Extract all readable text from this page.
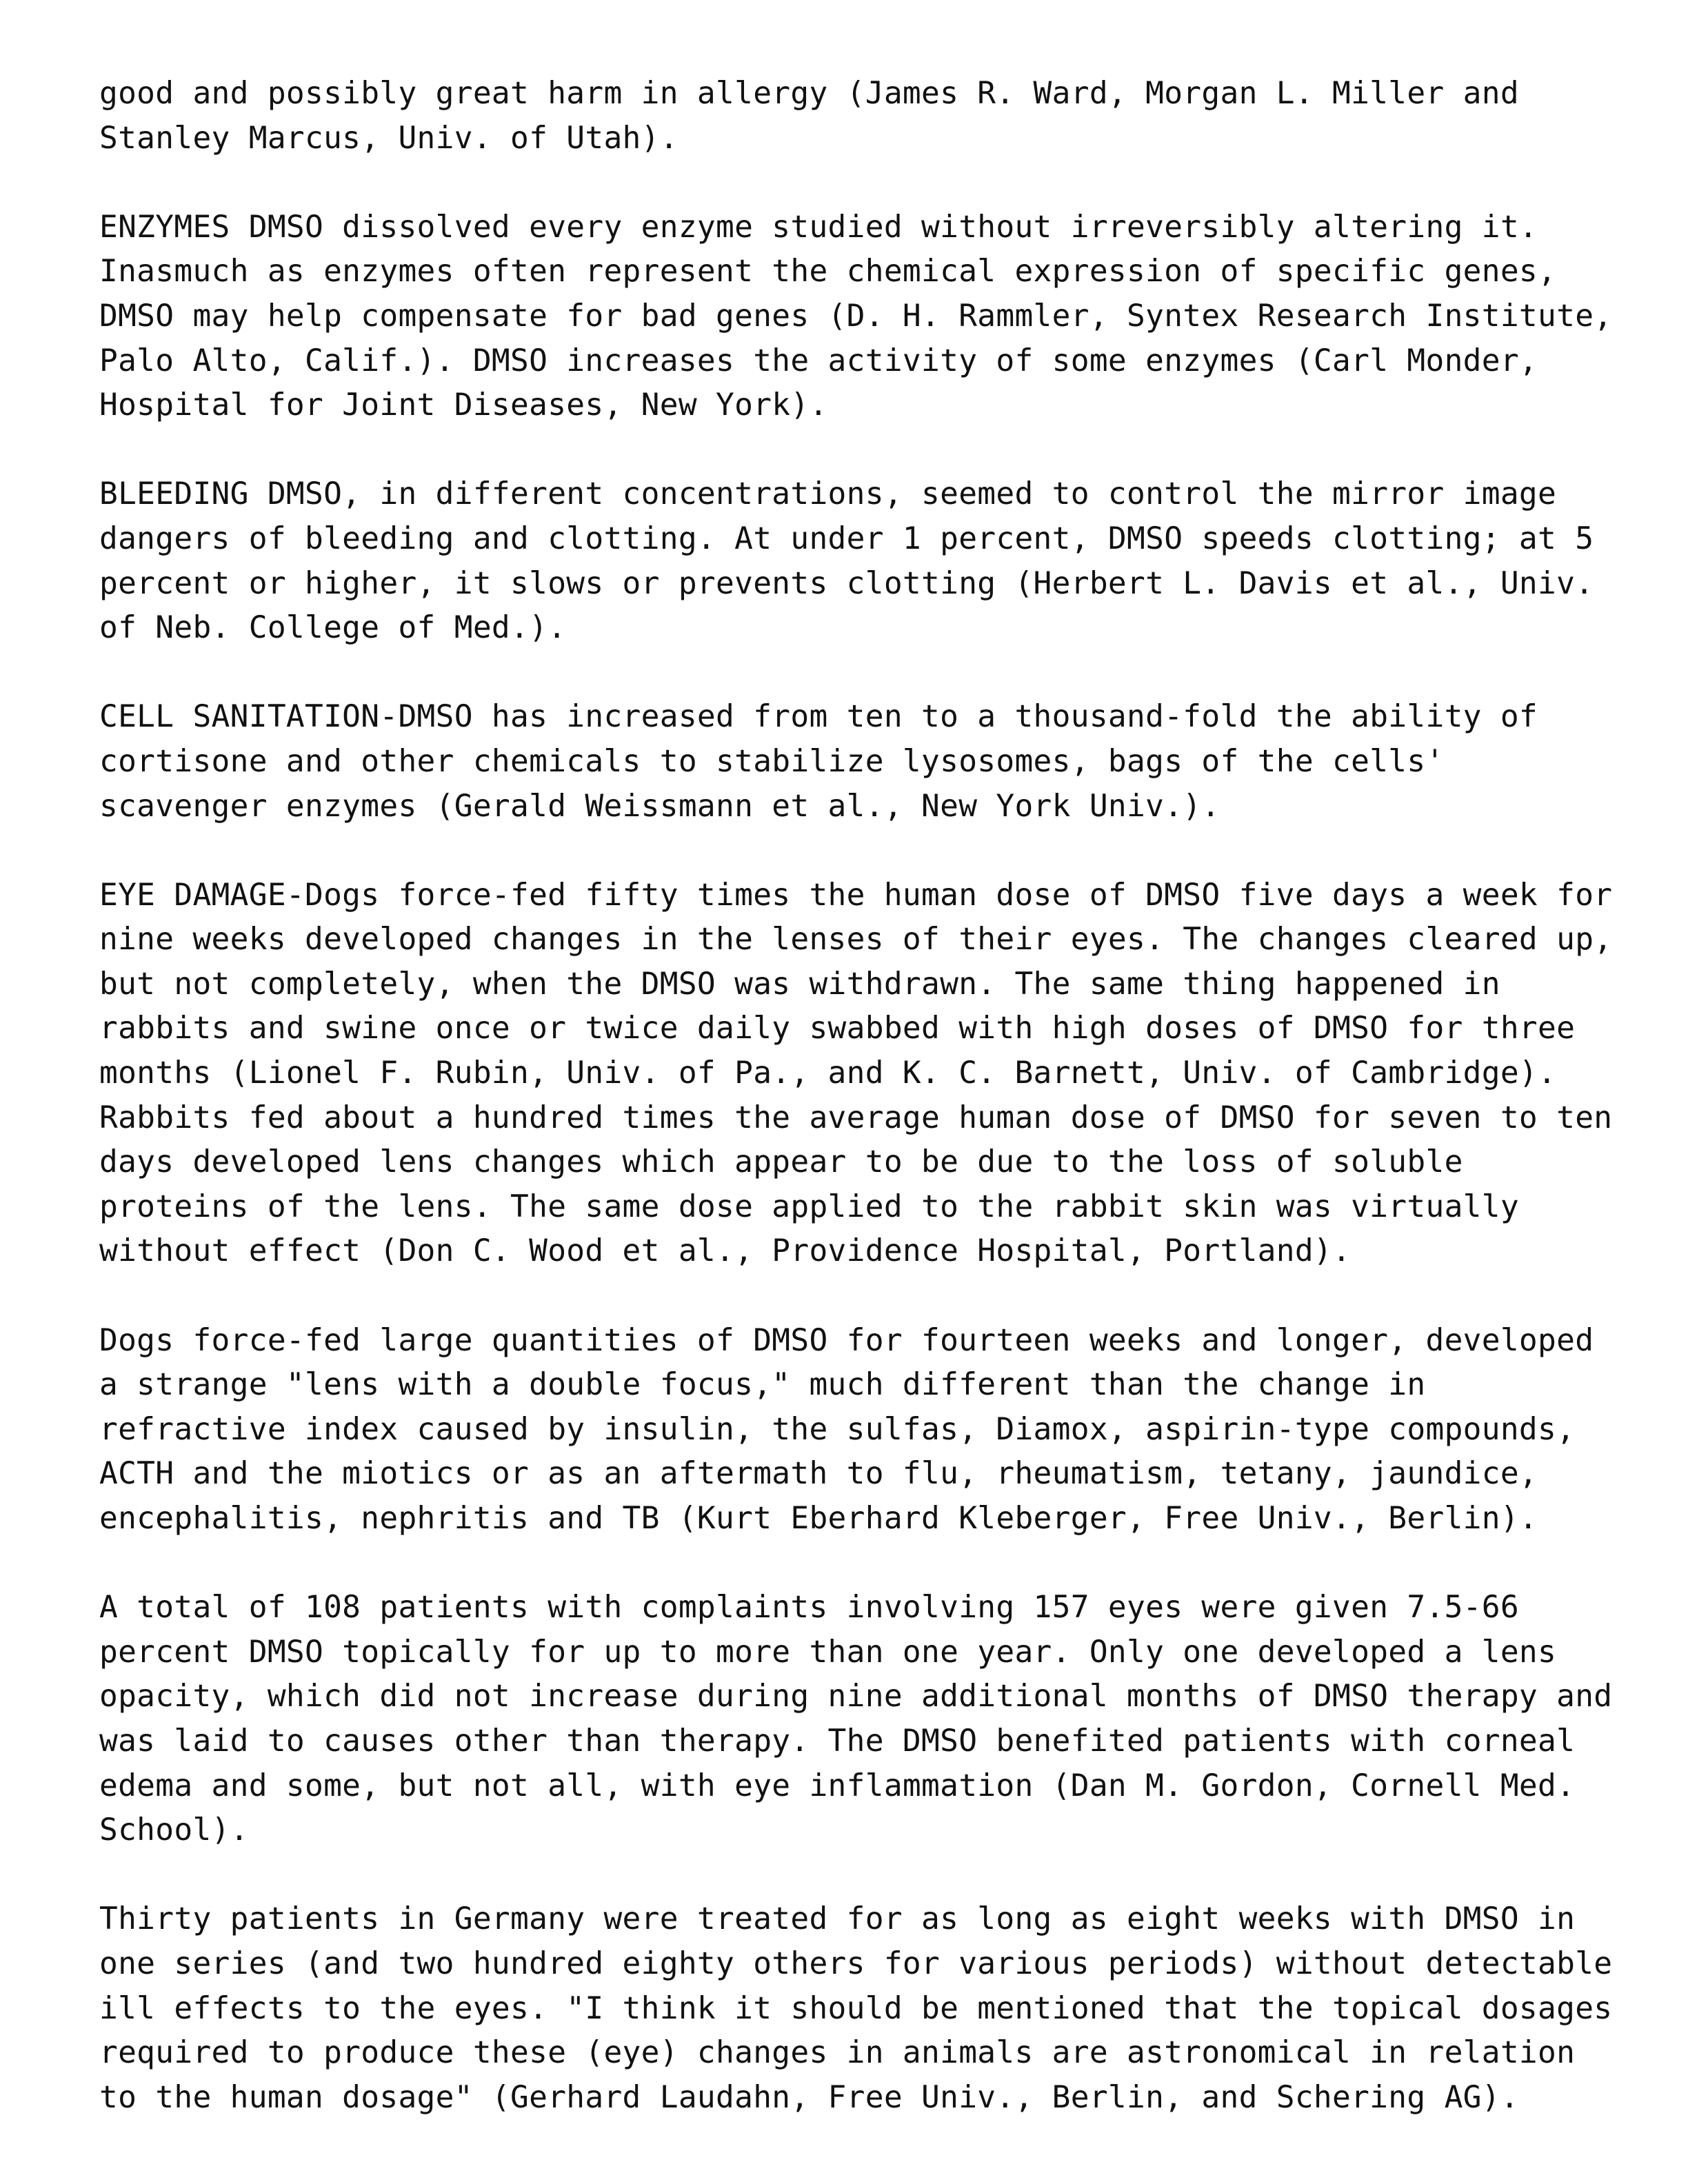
good and possibly great harm in allergy (James R. Ward, Morgan L. Miller and
Stanley Marcus, Univ. of Utah).
ENZYMES DMSO dissolved every enzyme studied without irreversibly altering it.
Inasmuch as enzymes often represent the chemical expression of specific genes,
DMSO may help compensate for bad genes (D. H. Rammler, Syntex Research Institute,
Palo Alto, Calif.). DMSO increases the activity of some enzymes (Carl Monder,
Hospital for Joint Diseases, New York).
BLEEDING DMSO, in different concentrations, seemed to control the mirror image
dangers of bleeding and clotting. At under 1 percent, DMSO speeds clotting; at 5
percent or higher, it slows or prevents clotting (Herbert L. Davis et al., Univ.
of Neb. College of Med.).
CELL SANITATION-DMSO has increased from ten to a thousand-fold the ability of
cortisone and other chemicals to stabilize lysosomes, bags of the cells'
scavenger enzymes (Gerald Weissmann et al., New York Univ.).
EYE DAMAGE-Dogs force-fed fifty times the human dose of DMSO five days a week for
nine weeks developed changes in the lenses of their eyes. The changes cleared up,
but not completely, when the DMSO was withdrawn. The same thing happened in
rabbits and swine once or twice daily swabbed with high doses of DMSO for three
months (Lionel F. Rubin, Univ. of Pa., and K. C. Barnett, Univ. of Cambridge).
Rabbits fed about a hundred times the average human dose of DMSO for seven to ten
days developed lens changes which appear to be due to the loss of soluble
proteins of the lens. The same dose applied to the rabbit skin was virtually
without effect (Don C. Wood et al., Providence Hospital, Portland).
Dogs force-fed large quantities of DMSO for fourteen weeks and longer, developed
a strange "lens with a double focus," much different than the change in
refractive index caused by insulin, the sulfas, Diamox, aspirin-type compounds,
ACTH and the miotics or as an aftermath to flu, rheumatism, tetany, jaundice,
encephalitis, nephritis and TB (Kurt Eberhard Kleberger, Free Univ., Berlin).
A total of 108 patients with complaints involving 157 eyes were given 7.5-66
percent DMSO topically for up to more than one year. Only one developed a lens
opacity, which did not increase during nine additional months of DMSO therapy and
was laid to causes other than therapy. The DMSO benefited patients with corneal
edema and some, but not all, with eye inflammation (Dan M. Gordon, Cornell Med.
School).
Thirty patients in Germany were treated for as long as eight weeks with DMSO in
one series (and two hundred eighty others for various periods) without detectable
ill effects to the eyes. "I think it should be mentioned that the topical dosages
required to produce these (eye) changes in animals are astronomical in relation
to the human dosage" (Gerhard Laudahn, Free Univ., Berlin, and Schering AG).
